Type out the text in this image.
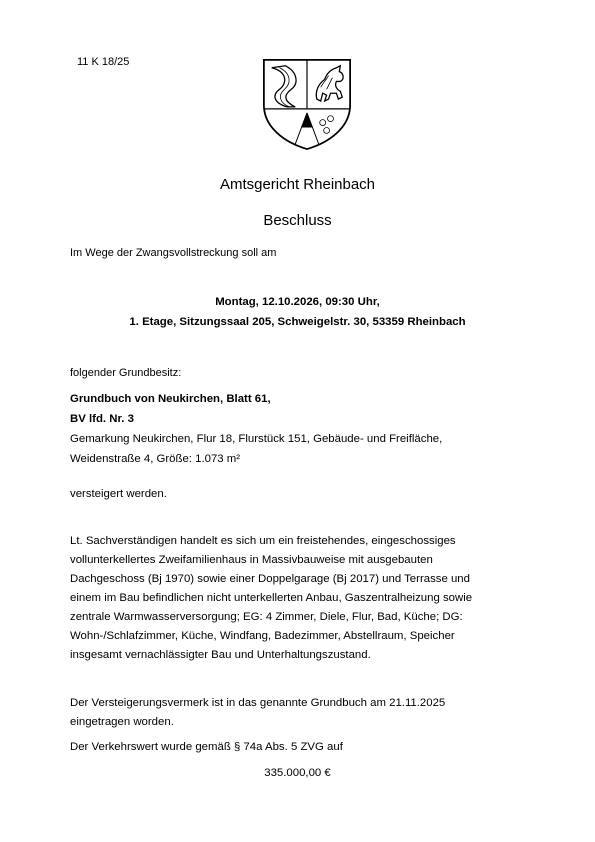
11 K 18/25
Amtsgericht Rheinbach
Beschluss
Im Wege der Zwangsvollstreckung soll am
Montag, 12.10.2026, 09:30 Uhr,
1. Etage, Sitzungssaal 205, Schweigelstr. 30, 53359 Rheinbach
folgender Grundbesitz:
Grundbuch von Neukirchen, Blatt 61,
BV lfd. Nr. 3
Gemarkung Neukirchen, Flur 18, Flurstück 151, Gebäude- und Freifläche,
Weidenstraße 4, Größe: 1.073 m²
versteigert werden.
Lt. Sachverständigen handelt es sich um ein freistehendes, eingeschossiges
vollunterkellertes Zweifamilienhaus in Massivbauweise mit ausgebauten
Dachgeschoss (Bj 1970) sowie einer Doppelgarage (Bj 2017) und Terrasse und
einem im Bau befindlichen nicht unterkellerten Anbau, Gaszentralheizung sowie
zentrale Warmwasserversorgung; EG: 4 Zimmer, Diele, Flur, Bad, Küche; DG:
Wohn-/Schlafzimmer, Küche, Windfang, Badezimmer, Abstellraum, Speicher
insgesamt vernachlässigter Bau und Unterhaltungszustand.
Der Versteigerungsvermerk ist in das genannte Grundbuch am 21.11.2025
eingetragen worden.
Der Verkehrswert wurde gemäß § 74a Abs. 5 ZVG auf
335.000,00 €
